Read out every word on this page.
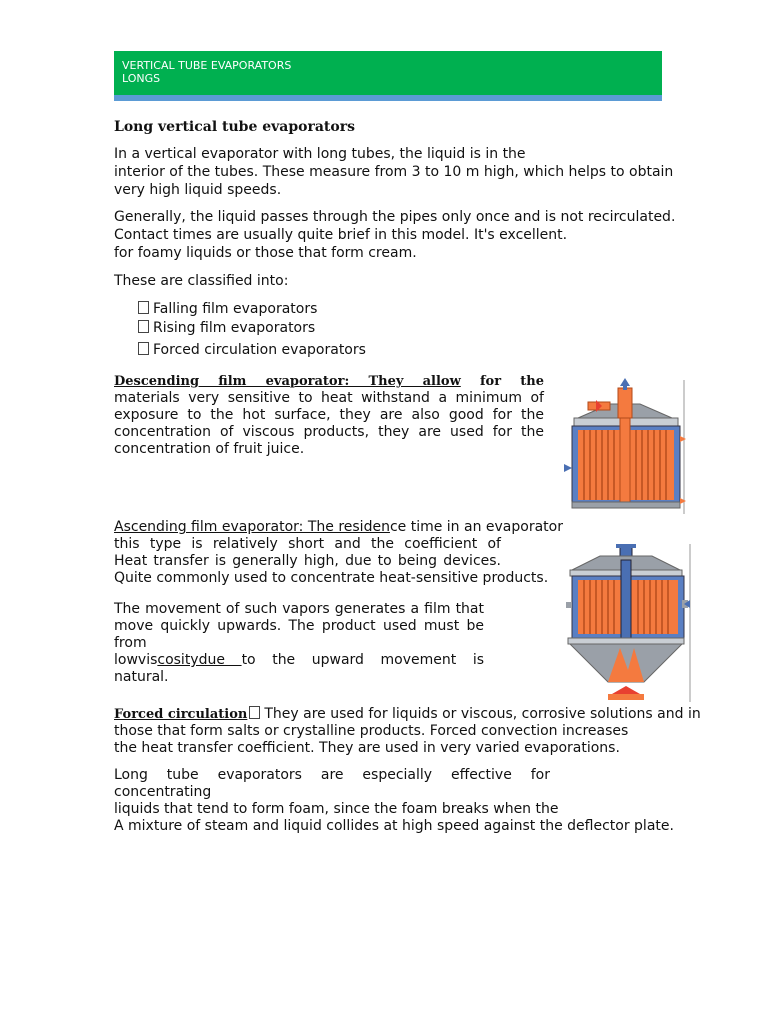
VERTICAL TUBE EVAPORATORS
LONGS
Long vertical tube evaporators
In a vertical evaporator with long tubes, the liquid is in the
interior of the tubes. These measure from 3 to 10 m high, which helps to obtain
very high liquid speeds.
Generally, the liquid passes through the pipes only once and is not recirculated.
Contact times are usually quite brief in this model. It's excellent.
for foamy liquids or those that form cream.
These are classified into:
Falling film evaporators
Rising film evaporators
Forced circulation evaporators
Descending film evaporator: They allow for the
materials very sensitive to heat withstand a minimum of
exposure to the hot surface, they are also good for the
concentration of viscous products, they are used for the
concentration of fruit juice.
Ascending film evaporator: The residence time in an evaporator
this type is relatively short and the coefficient of
Heat transfer is generally high, due to being devices.
Quite commonly used to concentrate heat-sensitive products.
The movement of such vapors generates a film that
move quickly upwards. The product used must be from
lowviscositydue to the upward movement is
natural.
Forced circulation They are used for liquids or viscous, corrosive solutions and in
those that form salts or crystalline products. Forced convection increases
the heat transfer coefficient. They are used in very varied evaporations.
Long tube evaporators are especially effective for concentrating
liquids that tend to form foam, since the foam breaks when the
A mixture of steam and liquid collides at high speed against the deflector plate.
